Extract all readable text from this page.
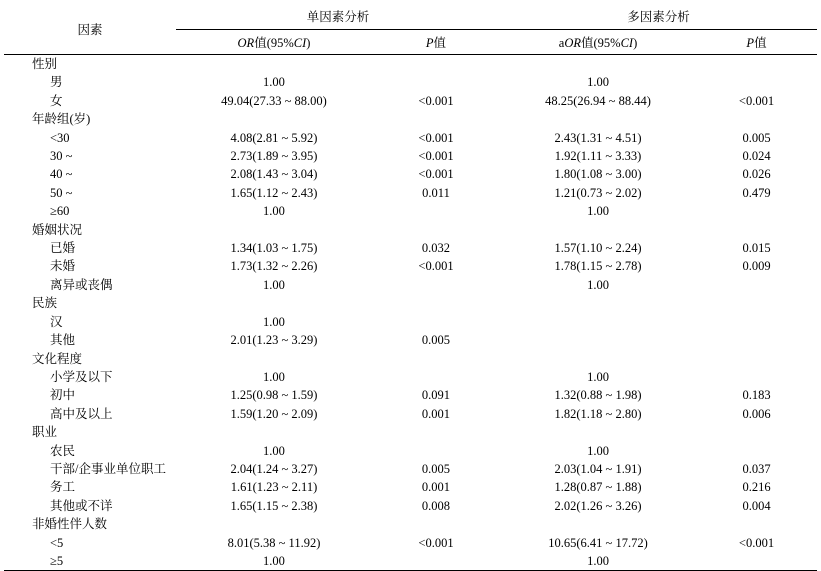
因素	单因素分析		多因素分析	
	OR值(95%CI)	P值	aOR值(95%CI)	P值
性别				
男	1.00		1.00	
女	49.04(27.33 ~ 88.00)	<0.001	48.25(26.94 ~ 88.44)	<0.001
年龄组(岁)				
<30	4.08(2.81 ~ 5.92)	<0.001	2.43(1.31 ~ 4.51)	0.005
30 ~	2.73(1.89 ~ 3.95)	<0.001	1.92(1.11 ~ 3.33)	0.024
40 ~	2.08(1.43 ~ 3.04)	<0.001	1.80(1.08 ~ 3.00)	0.026
50 ~	1.65(1.12 ~ 2.43)	0.011	1.21(0.73 ~ 2.02)	0.479
≥60	1.00		1.00	
婚姻状况				
已婚	1.34(1.03 ~ 1.75)	0.032	1.57(1.10 ~ 2.24)	0.015
未婚	1.73(1.32 ~ 2.26)	<0.001	1.78(1.15 ~ 2.78)	0.009
离异或丧偶	1.00		1.00	
民族				
汉	1.00			
其他	2.01(1.23 ~ 3.29)	0.005		
文化程度				
小学及以下	1.00		1.00	
初中	1.25(0.98 ~ 1.59)	0.091	1.32(0.88 ~ 1.98)	0.183
高中及以上	1.59(1.20 ~ 2.09)	0.001	1.82(1.18 ~ 2.80)	0.006
职业				
农民	1.00		1.00	
干部/企事业单位职工	2.04(1.24 ~ 3.27)	0.005	2.03(1.04 ~ 1.91)	0.037
务工	1.61(1.23 ~ 2.11)	0.001	1.28(0.87 ~ 1.88)	0.216
其他或不详	1.65(1.15 ~ 2.38)	0.008	2.02(1.26 ~ 3.26)	0.004
非婚性伴人数				
<5	8.01(5.38 ~ 11.92)	<0.001	10.65(6.41 ~ 17.72)	<0.001
≥5	1.00		1.00	
